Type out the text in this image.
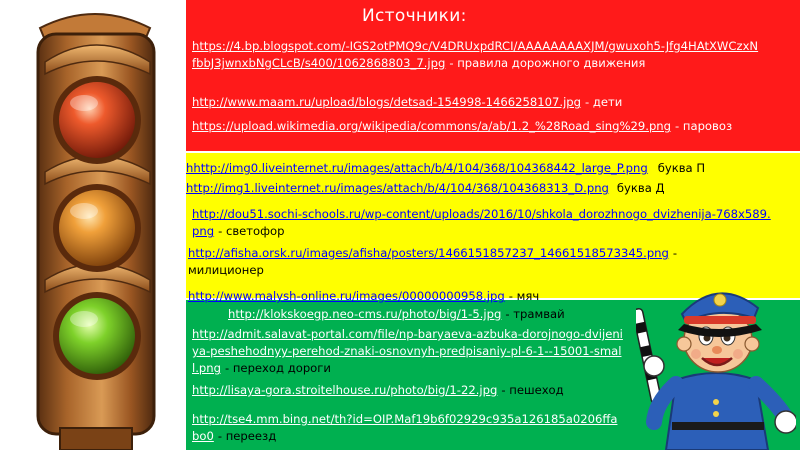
Источники:
https://4.bp.blogspot.com/-IGS2otPMQ9c/V4DRUxpdRCI/AAAAAAAAXJM/gwuxoh5-Jfg4HAtXWCzxNfbbJ3jwnxbNgCLcB/s400/1062868803_7.jpg - правила дорожного движения
http://www.maam.ru/upload/blogs/detsad-154998-1466258107.jpg - дети
https://upload.wikimedia.org/wikipedia/commons/a/ab/1.2_%28Road_sing%29.png - паровоз
hhttp://img0.liveinternet.ru/images/attach/b/4/104/368/104368442_large_P.png буква П
http://img1.liveinternet.ru/images/attach/b/4/104/368/104368313_D.png буква Д
http://dou51.sochi-schools.ru/wp-content/uploads/2016/10/shkola_dorozhnogo_dvizhenija-768x589.png - светофор
http://afisha.orsk.ru/images/afisha/posters/1466151857237_14661518573345.png - милиционер
http://www.malysh-online.ru/images/00000000958.jpg - мяч
http://klokskoegp.neo-cms.ru/photo/big/1-5.jpg - трамвай
http://admit.salavat-portal.com/file/np-baryaeva-azbuka-dorojnogo-dvijeniya-peshehodnyy-perehod-znaki-osnovnyh-predpisaniy-pl-6-1--15001-small.png - переход дороги
http://lisaya-gora.stroitelhouse.ru/photo/big/1-22.jpg - пешеход
http://tse4.mm.bing.net/th?id=OIP.Maf19b6f02929c935a126185a0206ffabo0 - переезд
